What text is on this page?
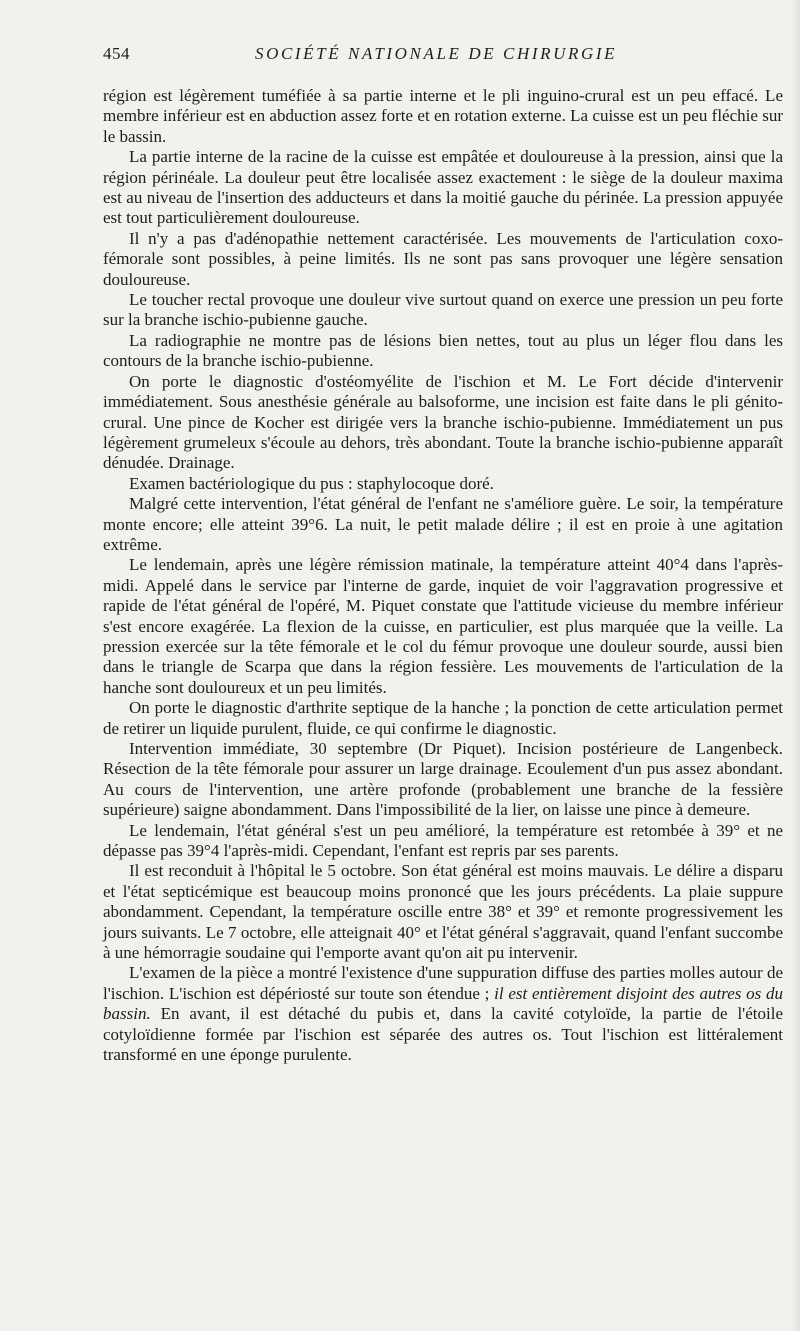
454	SOCIÉTÉ NATIONALE DE CHIRURGIE

région est légèrement tuméfiée à sa partie interne et le pli inguino-crural est un peu effacé. Le membre inférieur est en abduction assez forte et en rotation externe. La cuisse est un peu fléchie sur le bassin.

La partie interne de la racine de la cuisse est empâtée et douloureuse à la pression, ainsi que la région périnéale. La douleur peut être localisée assez exactement : le siège de la douleur maxima est au niveau de l'insertion des adducteurs et dans la moitié gauche du périnée. La pression appuyée est tout particulièrement douloureuse.

Il n'y a pas d'adénopathie nettement caractérisée. Les mouvements de l'articulation coxo-fémorale sont possibles, à peine limités. Ils ne sont pas sans provoquer une légère sensation douloureuse.

Le toucher rectal provoque une douleur vive surtout quand on exerce une pression un peu forte sur la branche ischio-pubienne gauche.

La radiographie ne montre pas de lésions bien nettes, tout au plus un léger flou dans les contours de la branche ischio-pubienne.

On porte le diagnostic d'ostéomyélite de l'ischion et M. Le Fort décide d'intervenir immédiatement. Sous anesthésie générale au balsoforme, une incision est faite dans le pli génito-crural. Une pince de Kocher est dirigée vers la branche ischio-pubienne. Immédiatement un pus légèrement grumeleux s'écoule au dehors, très abondant. Toute la branche ischio-pubienne apparaît dénudée. Drainage.

Examen bactériologique du pus : staphylocoque doré.

Malgré cette intervention, l'état général de l'enfant ne s'améliore guère. Le soir, la température monte encore; elle atteint 39°6. La nuit, le petit malade délire ; il est en proie à une agitation extrême.

Le lendemain, après une légère rémission matinale, la température atteint 40°4 dans l'après-midi. Appelé dans le service par l'interne de garde, inquiet de voir l'aggravation progressive et rapide de l'état général de l'opéré, M. Piquet constate que l'attitude vicieuse du membre inférieur s'est encore exagérée. La flexion de la cuisse, en particulier, est plus marquée que la veille. La pression exercée sur la tête fémorale et le col du fémur provoque une douleur sourde, aussi bien dans le triangle de Scarpa que dans la région fessière. Les mouvements de l'articulation de la hanche sont douloureux et un peu limités.

On porte le diagnostic d'arthrite septique de la hanche ; la ponction de cette articulation permet de retirer un liquide purulent, fluide, ce qui confirme le diagnostic.

Intervention immédiate, 30 septembre (Dr Piquet). Incision postérieure de Langenbeck. Résection de la tête fémorale pour assurer un large drainage. Ecoulement d'un pus assez abondant. Au cours de l'intervention, une artère profonde (probablement une branche de la fessière supérieure) saigne abondamment. Dans l'impossibilité de la lier, on laisse une pince à demeure.

Le lendemain, l'état général s'est un peu amélioré, la température est retombée à 39° et ne dépasse pas 39°4 l'après-midi. Cependant, l'enfant est repris par ses parents.

Il est reconduit à l'hôpital le 5 octobre. Son état général est moins mauvais. Le délire a disparu et l'état septicémique est beaucoup moins prononcé que les jours précédents. La plaie suppure abondamment. Cependant, la température oscille entre 38° et 39° et remonte progressivement les jours suivants. Le 7 octobre, elle atteignait 40° et l'état général s'aggravait, quand l'enfant succombe à une hémorragie soudaine qui l'emporte avant qu'on ait pu intervenir.

L'examen de la pièce a montré l'existence d'une suppuration diffuse des parties molles autour de l'ischion. L'ischion est dépériosté sur toute son étendue ; il est entièrement disjoint des autres os du bassin. En avant, il est détaché du pubis et, dans la cavité cotyloïde, la partie de l'étoile cotyloïdienne formée par l'ischion est séparée des autres os. Tout l'ischion est littéralement transformé en une éponge purulente.
